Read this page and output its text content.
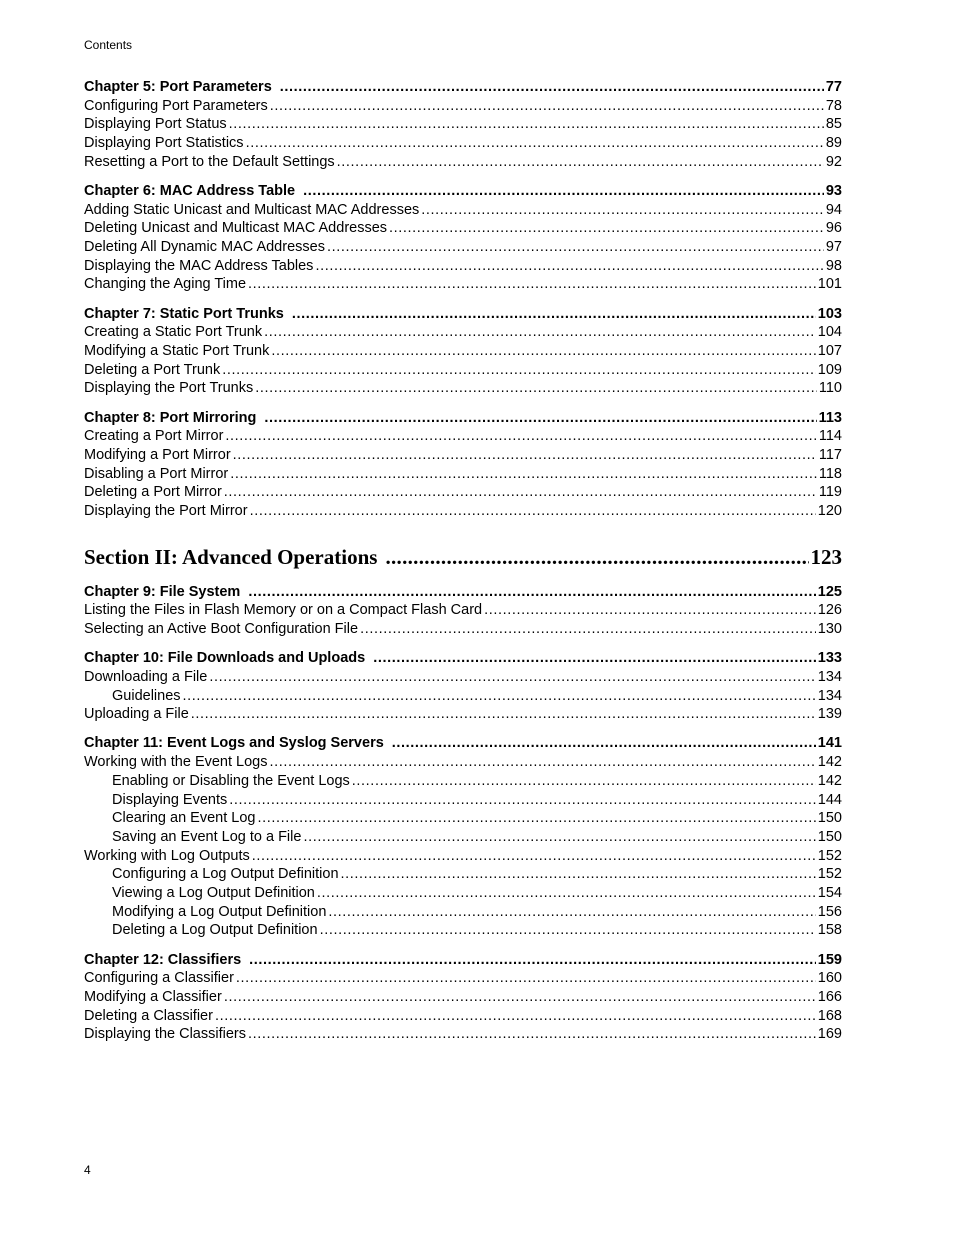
Contents
Chapter 5: Port Parameters .....	77
Configuring Port Parameters .....	78
Displaying Port Status .....	85
Displaying Port Statistics .....	89
Resetting a Port to the Default Settings .....	92
Chapter 6: MAC Address Table .....	93
Adding Static Unicast and Multicast MAC Addresses .....	94
Deleting Unicast and Multicast MAC Addresses .....	96
Deleting All Dynamic MAC Addresses .....	97
Displaying the MAC Address Tables .....	98
Changing the Aging Time .....	101
Chapter 7: Static Port Trunks .....	103
Creating a Static Port Trunk .....	104
Modifying a Static Port Trunk .....	107
Deleting a Port Trunk .....	109
Displaying the Port Trunks .....	110
Chapter 8: Port Mirroring .....	113
Creating a Port Mirror .....	114
Modifying a Port Mirror .....	117
Disabling a Port Mirror .....	118
Deleting a Port Mirror .....	119
Displaying the Port Mirror .....	120
Section II: Advanced Operations .....	123
Chapter 9: File System .....	125
Listing the Files in Flash Memory or on a Compact Flash Card .....	126
Selecting an Active Boot Configuration File .....	130
Chapter 10: File Downloads and Uploads .....	133
Downloading a File .....	134
Guidelines .....	134
Uploading a File .....	139
Chapter 11: Event Logs and Syslog Servers .....	141
Working with the Event Logs .....	142
Enabling or Disabling the Event Logs .....	142
Displaying Events .....	144
Clearing an Event Log .....	150
Saving an Event Log to a File .....	150
Working with Log Outputs .....	152
Configuring a Log Output Definition .....	152
Viewing a Log Output Definition .....	154
Modifying a Log Output Definition .....	156
Deleting a Log Output Definition .....	158
Chapter 12: Classifiers .....	159
Configuring a Classifier .....	160
Modifying a Classifier .....	166
Deleting a Classifier .....	168
Displaying the Classifiers .....	169
4
